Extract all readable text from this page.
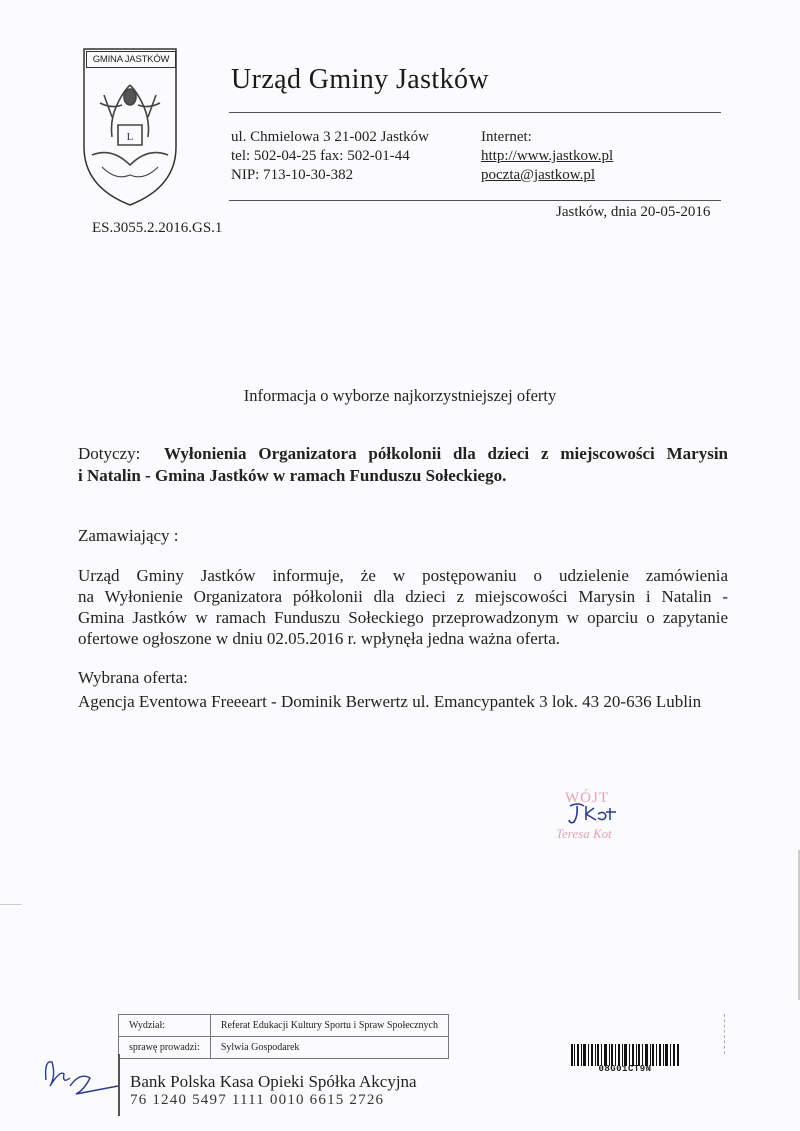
L
GMINA JASTKÓW
Urząd Gminy Jastków
ul. Chmielowa 3 21-002 Jastków
tel: 502-04-25 fax: 502-01-44
NIP: 713-10-30-382
Internet:
http://www.jastkow.pl
poczta@jastkow.pl
Jastków, dnia 20-05-2016
ES.3055.2.2016.GS.1
Informacja o wyborze najkorzystniejszej oferty
Dotyczy: Wyłonienia Organizatora półkolonii dla dzieci z miejscowości Marysin
i Natalin - Gmina Jastków w ramach Funduszu Sołeckiego.
Zamawiający :
Urząd Gminy Jastków informuje, że w postępowaniu o udzielenie zamówienia
na Wyłonienie Organizatora półkolonii dla dzieci z miejscowości Marysin i Natalin -
Gmina Jastków w ramach Funduszu Sołeckiego przeprowadzonym w oparciu o zapytanie
ofertowe ogłoszone w dniu 02.05.2016 r. wpłynęła jedna ważna oferta.
Wybrana oferta:
Agencja Eventowa Freeeart - Dominik Berwertz ul. Emancypantek 3 lok. 43 20-636 Lublin
WÓJT
Teresa Kot
Wydział:	Referat Edukacji Kultury Sportu i Spraw Społecznych
sprawę prowadzi:	Sylwia Gospodarek
08G01CT9N
Bank Polska Kasa Opieki Spółka Akcyjna
76 1240 5497 1111 0010 6615 2726
